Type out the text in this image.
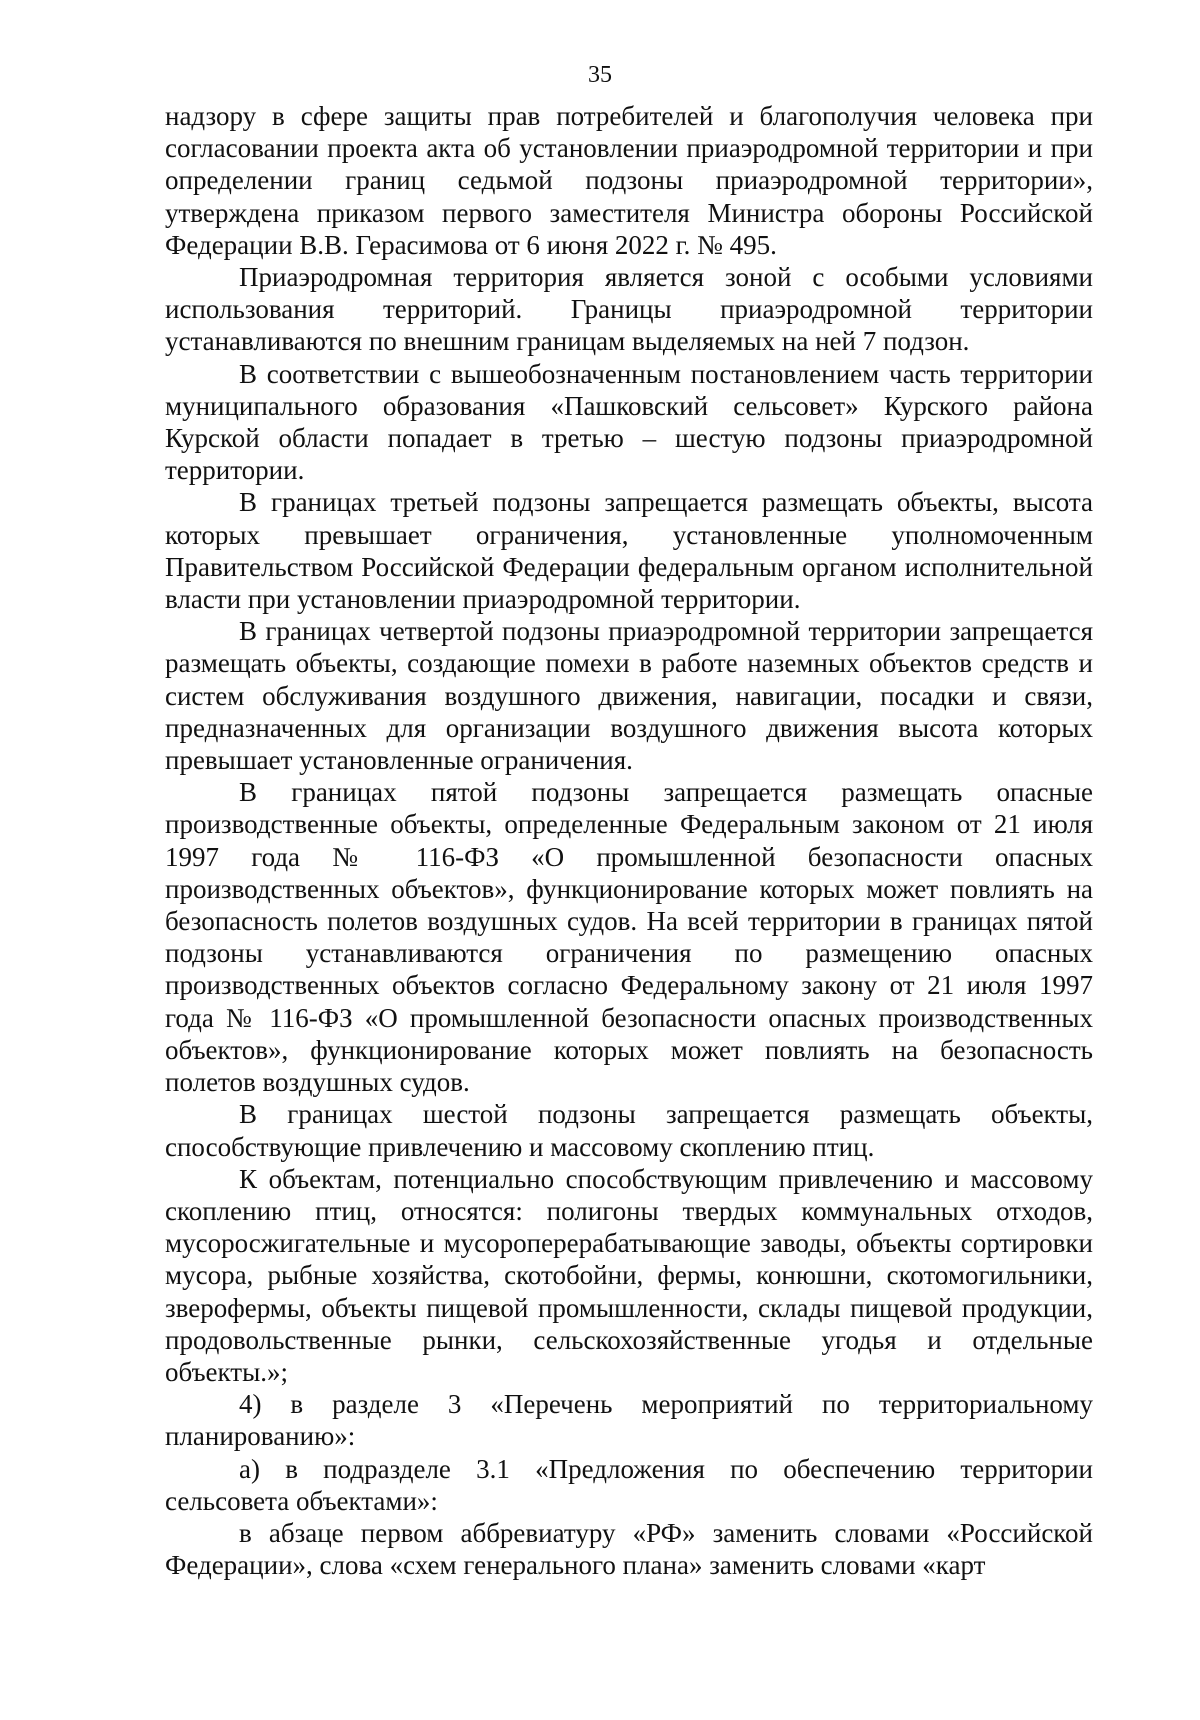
35

надзору в сфере защиты прав потребителей и благополучия человека при согласовании проекта акта об установлении приаэродромной территории и при определении границ седьмой подзоны приаэродромной территории», утверждена приказом первого заместителя Министра обороны Российской Федерации В.В. Герасимова от 6 июня 2022 г. № 495.

Приаэродромная территория является зоной с особыми условиями использования территорий. Границы приаэродромной территории устанавливаются по внешним границам выделяемых на ней 7 подзон.

В соответствии с вышеобозначенным постановлением часть территории муниципального образования «Пашковский сельсовет» Курского района Курской области попадает в третью – шестую подзоны приаэродромной территории.

В границах третьей подзоны запрещается размещать объекты, высота которых превышает ограничения, установленные уполномоченным Правительством Российской Федерации федеральным органом исполнительной власти при установлении приаэродромной территории.

В границах четвертой подзоны приаэродромной территории запрещается размещать объекты, создающие помехи в работе наземных объектов средств и систем обслуживания воздушного движения, навигации, посадки и связи, предназначенных для организации воздушного движения высота которых превышает установленные ограничения.

В границах пятой подзоны запрещается размещать опасные производственные объекты, определенные Федеральным законом от 21 июля 1997 года № 116-ФЗ «О промышленной безопасности опасных производственных объектов», функционирование которых может повлиять на безопасность полетов воздушных судов. На всей территории в границах пятой подзоны устанавливаются ограничения по размещению опасных производственных объектов согласно Федеральному закону от 21 июля 1997 года № 116-ФЗ «О промышленной безопасности опасных производственных объектов», функционирование которых может повлиять на безопасность полетов воздушных судов.

В границах шестой подзоны запрещается размещать объекты, способствующие привлечению и массовому скоплению птиц.

К объектам, потенциально способствующим привлечению и массовому скоплению птиц, относятся: полигоны твердых коммунальных отходов, мусоросжигательные и мусороперерабатывающие заводы, объекты сортировки мусора, рыбные хозяйства, скотобойни, фермы, конюшни, скотомогильники, зверофермы, объекты пищевой промышленности, склады пищевой продукции, продовольственные рынки, сельскохозяйственные угодья и отдельные объекты.»;

4) в разделе 3 «Перечень мероприятий по территориальному планированию»:

а) в подразделе 3.1 «Предложения по обеспечению территории сельсовета объектами»:

в абзаце первом аббревиатуру «РФ» заменить словами «Российской Федерации», слова «схем генерального плана» заменить словами «карт
